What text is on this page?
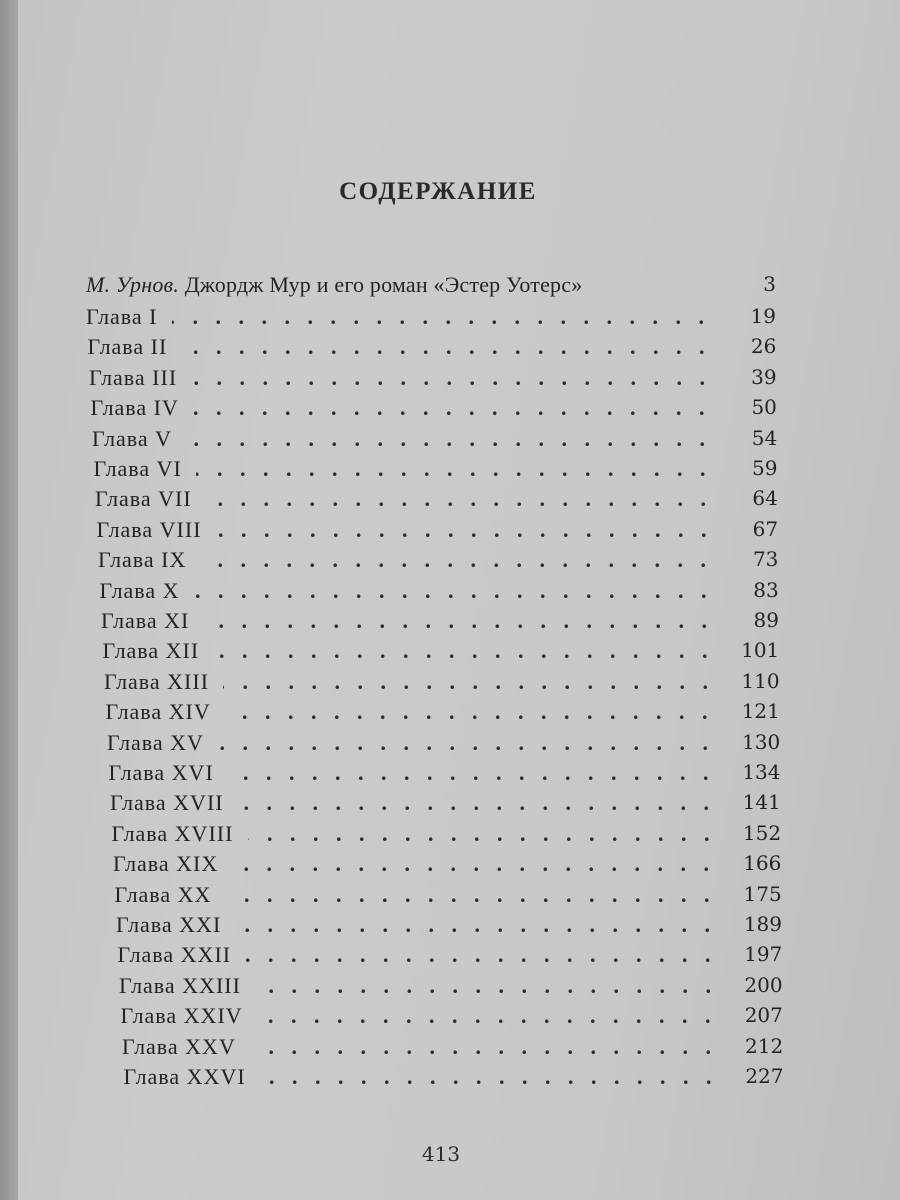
СОДЕРЖАНИЕ
М. Урнов. Джордж Мур и его роман «Эстер Уотерс»	3
Глава I . . .	19
Глава II . . .	26
Глава III . . .	39
Глава IV . . .	50
Глава V . . .	54
Глава VI . . .	59
Глава VII . . .	64
Глава VIII . . .	67
Глава IX . . .	73
Глава X . . .	83
Глава XI . . .	89
Глава XII . . .	101
Глава XIII . . .	110
Глава XIV . . .	121
Глава XV . . .	130
Глава XVI . . .	134
Глава XVII . . .	141
Глава XVIII . . .	152
Глава XIX . . .	166
Глава XX . . .	175
Глава XXI . . .	189
Глава XXII . . .	197
Глава XXIII . . .	200
Глава XXIV . . .	207
Глава XXV . . .	212
Глава XXVI . . .	227
413
